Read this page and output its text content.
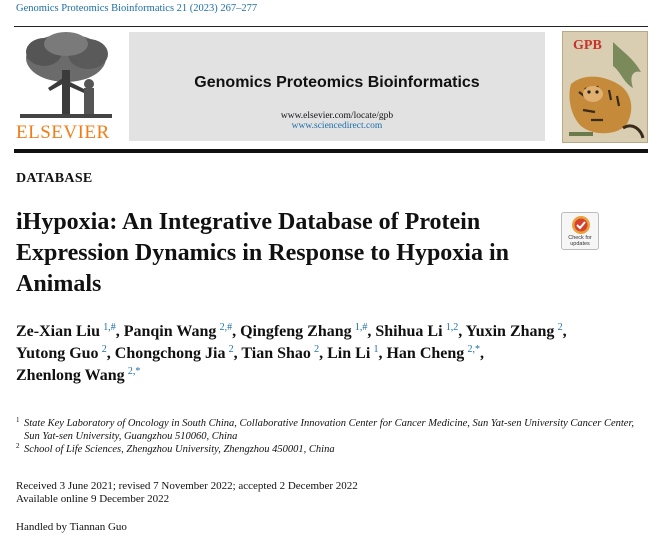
Genomics Proteomics Bioinformatics 21 (2023) 267–277
ELSEVIER
Genomics Proteomics Bioinformatics
www.elsevier.com/locate/gpb
www.sciencedirect.com
GPB
DATABASE
iHypoxia: An Integrative Database of Protein
Expression Dynamics in Response to Hypoxia in
Animals
Check for
updates
Ze-Xian Liu  $^{1,\#}$, Panqin Wang  $^{2,\#}$, Qingfeng Zhang  $^{1,\#}$, Shihua Li  $^{1,2}$, Yuxin Zhang  $^2$,
Yutong Guo  $^2$, Chongchong Jia  $^2$, Tian Shao  $^2$, Lin Li  $^1$, Han Cheng  $^{2,*}$,
Zhenlong Wang  $^{2,*}$
1 State Key Laboratory of Oncology in South China, Collaborative Innovation Center for Cancer Medicine, Sun Yat-sen University Cancer Center, Sun Yat-sen University, Guangzhou 510060, China
2 School of Life Sciences, Zhengzhou University, Zhengzhou 450001, China
Received 3 June 2021; revised 7 November 2022; accepted 2 December 2022
Available online 9 December 2022
Handled by Tiannan Guo
